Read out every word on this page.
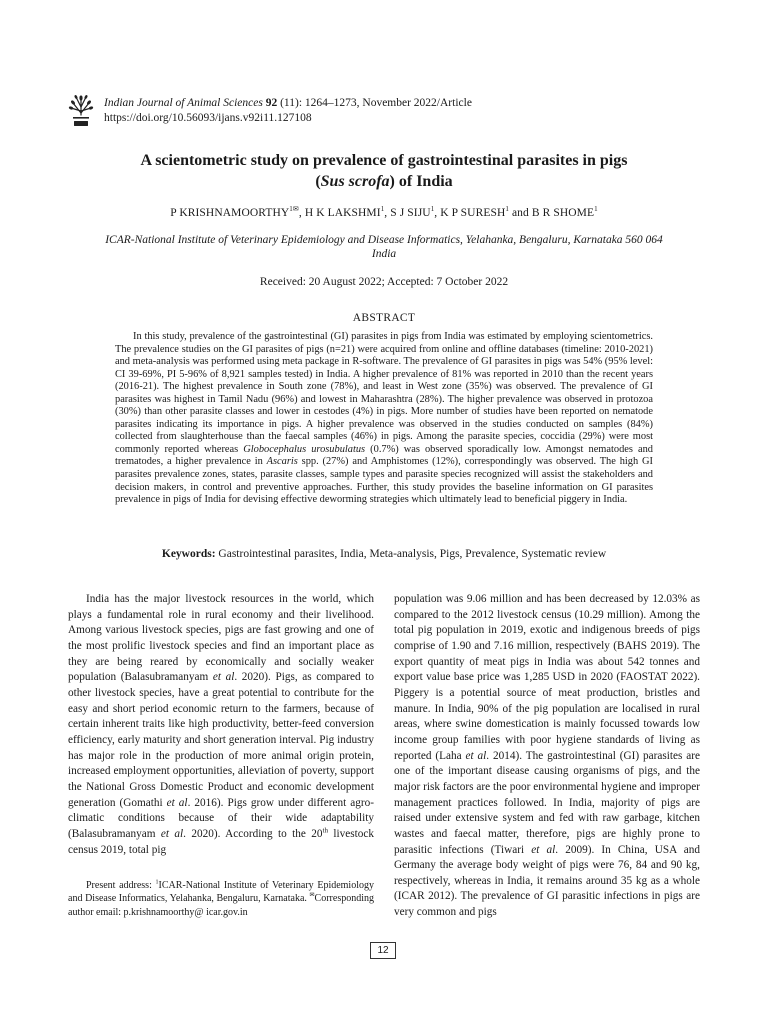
Indian Journal of Animal Sciences 92 (11): 1264–1273, November 2022/Article
https://doi.org/10.56093/ijans.v92i11.127108
A scientometric study on prevalence of gastrointestinal parasites in pigs
(Sus scrofa) of India
P $KRISHNAMOORTHY^{1✉}$, H K LAKSHMI$^1$, S J SIJU$^1$, K P SURESH$^1$ and B R SHOME$^1$
ICAR-National Institute of Veterinary Epidemiology and Disease Informatics, Yelahanka, Bengaluru, Karnataka 560 064
India
Received: 20 August 2022; Accepted: 7 October 2022
ABSTRACT

In this study, prevalence of the gastrointestinal (GI) parasites in pigs from India was estimated by employing scientometrics. The prevalence studies on the GI parasites of pigs (n=21) were acquired from online and offline databases (timeline: 2010-2021) and meta-analysis was performed using meta package in R-software. The prevalence of GI parasites in pigs was 54% (95% level: CI 39-69%, PI 5-96% of 8,921 samples tested) in India. A higher prevalence of 81% was reported in 2010 than the recent years (2016-21). The highest prevalence in South zone (78%), and least in West zone (35%) was observed. The prevalence of GI parasites was highest in Tamil Nadu (96%) and lowest in Maharashtra (28%). The higher prevalence was observed in protozoa (30%) than other parasite classes and lower in cestodes (4%) in pigs. More number of studies have been reported on nematode parasites indicating its importance in pigs. A higher prevalence was observed in the studies conducted on samples (84%) collected from slaughterhouse than the faecal samples (46%) in pigs. Among the parasite species, coccidia (29%) were most commonly reported whereas Globocephalus urosubulatus (0.7%) was observed sporadically low. Amongst nematodes and trematodes, a higher prevalence in Ascaris spp. (27%) and Amphistomes (12%), correspondingly was observed. The high GI parasites prevalence zones, states, parasite classes, sample types and parasite species recognized will assist the stakeholders and decision makers, in control and preventive approaches. Further, this study provides the baseline information on GI parasites prevalence in pigs of India for devising effective deworming strategies which ultimately lead to beneficial piggery in India.

Keywords: Gastrointestinal parasites, India, Meta-analysis, Pigs, Prevalence, Systematic review

India has the major livestock resources in the world, which plays a fundamental role in rural economy and their livelihood. Among various livestock species, pigs are fast growing and one of the most prolific livestock species and find an important place as they are being reared by economically and socially weaker population (Balasubramanyam et al. 2020). Pigs, as compared to other livestock species, have a great potential to contribute for the easy and short period economic return to the farmers, because of certain inherent traits like high productivity, better-feed conversion efficiency, early maturity and short generation interval. Pig industry has major role in the production of more animal origin protein, increased employment opportunities, alleviation of poverty, support the National Gross Domestic Product and economic development generation (Gomathi et al. 2016). Pigs grow under different agro-climatic conditions because of their wide adaptability (Balasubramanyam et al. 2020). According to the 20th livestock census 2019, total pig

population was 9.06 million and has been decreased by 12.03% as compared to the 2012 livestock census (10.29 million). Among the total pig population in 2019, exotic and indigenous breeds of pigs comprise of 1.90 and 7.16 million, respectively (BAHS 2019). The export quantity of meat pigs in India was about 542 tonnes and export value base price was 1,285 USD in 2020 (FAOSTAT 2022). Piggery is a potential source of meat production, bristles and manure. In India, 90% of the pig population are localised in rural areas, where swine domestication is mainly focussed towards low income group families with poor hygiene standards of living as reported (Laha et al. 2014). The gastrointestinal (GI) parasites are one of the important disease causing organisms of pigs, and the major risk factors are the poor environmental hygiene and improper management practices followed. In India, majority of pigs are raised under extensive system and fed with raw garbage, kitchen wastes and faecal matter, therefore, pigs are highly prone to parasitic infections (Tiwari et al. 2009). In China, USA and Germany the average body weight of pigs were 76, 84 and 90 kg, respectively, whereas in India, it remains around 35 kg as a whole (ICAR 2012). The prevalence of GI parasitic infections in pigs are very common and pigs

Present address: $^1$ICAR-National Institute of Veterinary Epidemiology and Disease Informatics, Yelahanka, Bengaluru, Karnataka. ✉Corresponding author email: p.krishnamoorthy@ icar.gov.in

12
